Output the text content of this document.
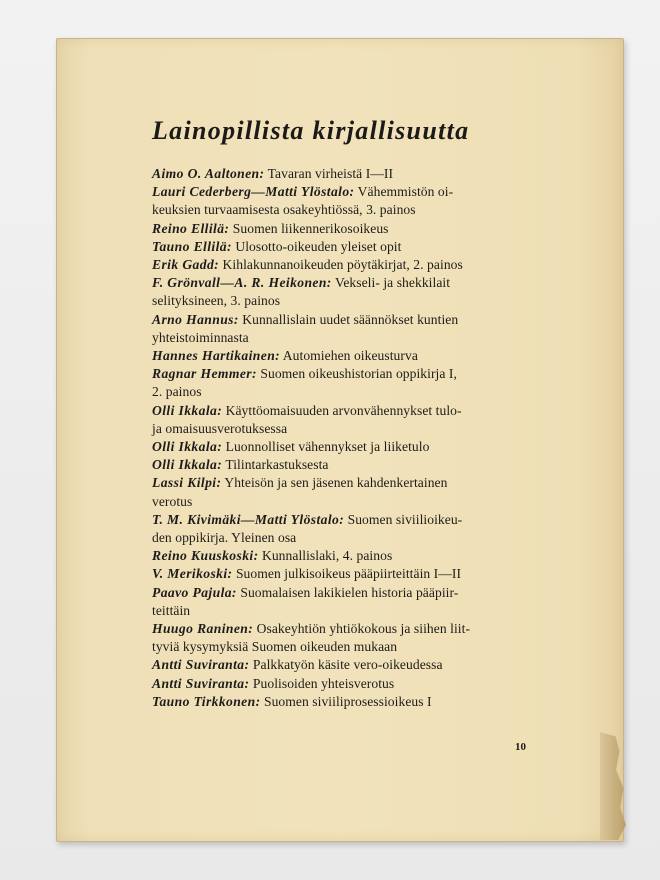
Lainopillista kirjallisuutta
Aimo O. Aaltonen: Tavaran virheistä I—II
Lauri Cederberg—Matti Ylöstalo: Vähemmistön oi-
keuksien turvaamisesta osakeyhtiössä, 3. painos
Reino Ellilä: Suomen liikennerikosoikeus
Tauno Ellilä: Ulosotto-oikeuden yleiset opit
Erik Gadd: Kihlakunnanoikeuden pöytäkirjat, 2. painos
F. Grönvall—A. R. Heikonen: Vekseli- ja shekkilait
selityksineen, 3. painos
Arno Hannus: Kunnallislain uudet säännökset kuntien
yhteistoiminnasta
Hannes Hartikainen: Automiehen oikeusturva
Ragnar Hemmer: Suomen oikeushistorian oppikirja I,
2. painos
Olli Ikkala: Käyttöomaisuuden arvonvähennykset tulo-
ja omaisuusverotuksessa
Olli Ikkala: Luonnolliset vähennykset ja liiketulo
Olli Ikkala: Tilintarkastuksesta
Lassi Kilpi: Yhteisön ja sen jäsenen kahdenkertainen
verotus
T. M. Kivimäki—Matti Ylöstalo: Suomen siviilioikeu-
den oppikirja. Yleinen osa
Reino Kuuskoski: Kunnallislaki, 4. painos
V. Merikoski: Suomen julkisoikeus pääpiirteittäin I—II
Paavo Pajula: Suomalaisen lakikielen historia pääpiir-
teittäin
Huugo Raninen: Osakeyhtiön yhtiökokous ja siihen liit-
tyviä kysymyksiä Suomen oikeuden mukaan
Antti Suviranta: Palkkatyön käsite vero-oikeudessa
Antti Suviranta: Puolisoiden yhteisverotus
Tauno Tirkkonen: Suomen siviiliprosessioikeus I
10
